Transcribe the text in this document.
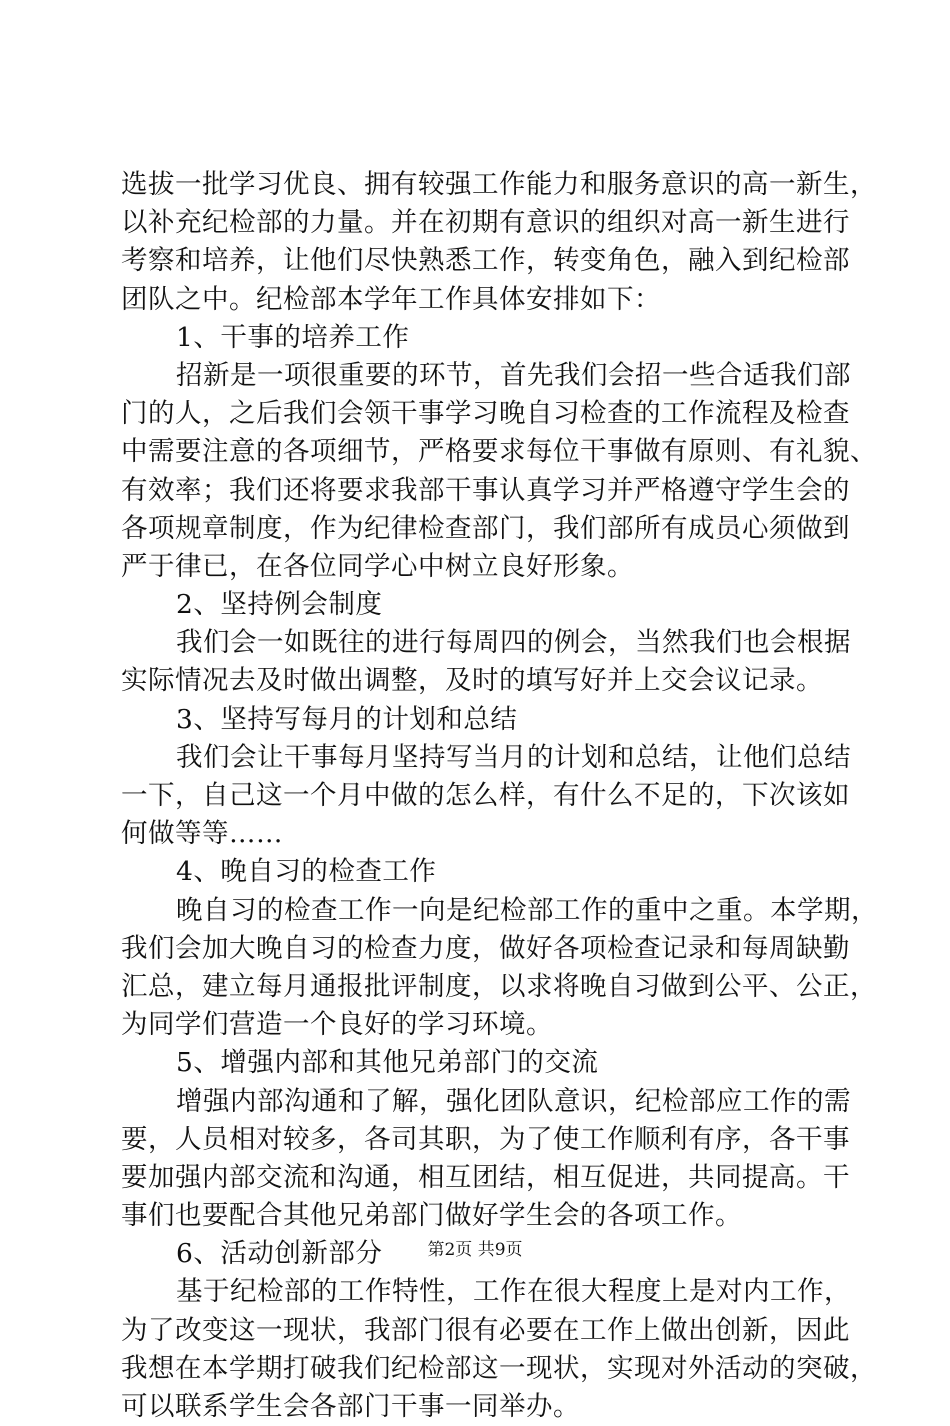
选拔一批学习优良、拥有较强工作能力和服务意识的高一新生，
以补充纪检部的力量。并在初期有意识的组织对高一新生进行
考察和培养，让他们尽快熟悉工作，转变角色，融入到纪检部
团队之中。纪检部本学年工作具体安排如下：
1、干事的培养工作
招新是一项很重要的环节，首先我们会招一些合适我们部
门的人，之后我们会领干事学习晚自习检查的工作流程及检查
中需要注意的各项细节，严格要求每位干事做有原则、有礼貌、
有效率；我们还将要求我部干事认真学习并严格遵守学生会的
各项规章制度，作为纪律检查部门，我们部所有成员心须做到
严于律已，在各位同学心中树立良好形象。
2、坚持例会制度
我们会一如既往的进行每周四的例会，当然我们也会根据
实际情况去及时做出调整，及时的填写好并上交会议记录。
3、坚持写每月的计划和总结
我们会让干事每月坚持写当月的计划和总结，让他们总结
一下，自己这一个月中做的怎么样，有什么不足的，下次该如
何做等等……
4、晚自习的检查工作
晚自习的检查工作一向是纪检部工作的重中之重。本学期，
我们会加大晚自习的检查力度，做好各项检查记录和每周缺勤
汇总，建立每月通报批评制度，以求将晚自习做到公平、公正，
为同学们营造一个良好的学习环境。
5、增强内部和其他兄弟部门的交流
增强内部沟通和了解，强化团队意识，纪检部应工作的需
要，人员相对较多，各司其职，为了使工作顺利有序，各干事
要加强内部交流和沟通，相互团结，相互促进，共同提高。干
事们也要配合其他兄弟部门做好学生会的各项工作。
6、活动创新部分
基于纪检部的工作特性，工作在很大程度上是对内工作，
为了改变这一现状，我部门很有必要在工作上做出创新，因此
我想在本学期打破我们纪检部这一现状，实现对外活动的突破，
可以联系学生会各部门干事一同举办。
第2页 共9页
